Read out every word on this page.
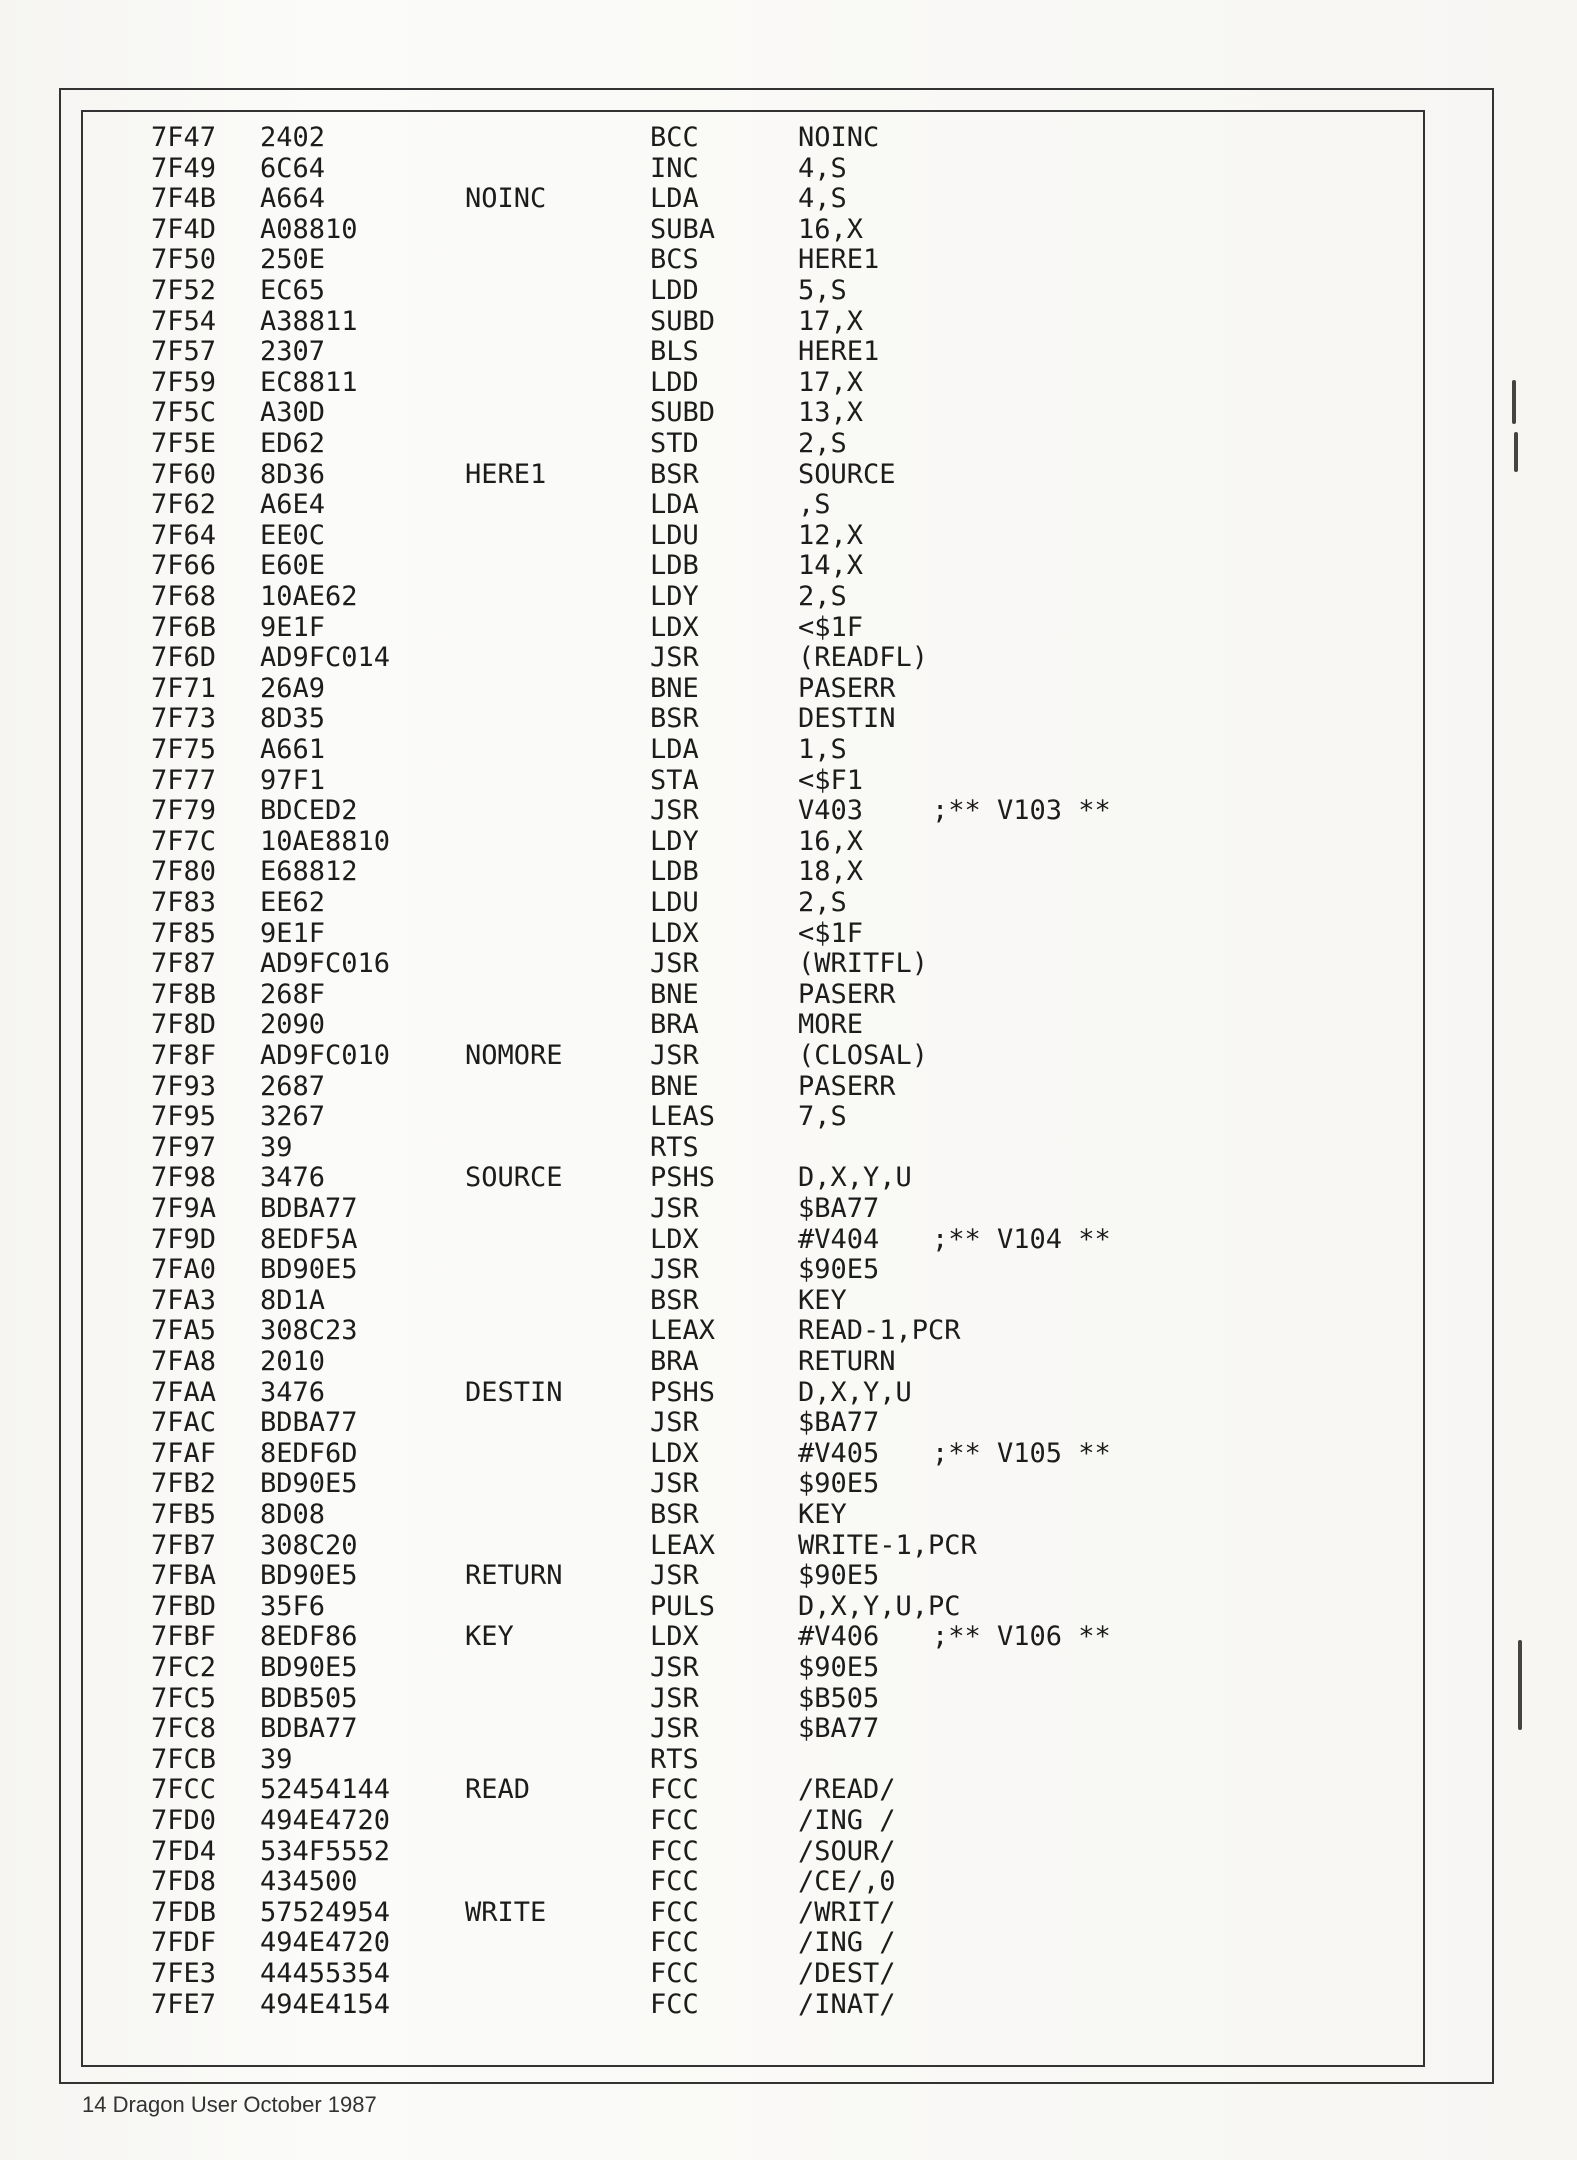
7F47 2402	BCC	NOINC
7F49 6C64	INC	4,S
7F4B A664	NOINC	LDA	4,S
7F4D A08810	SUBA	16,X
7F50 250E	BCS	HERE1
7F52 EC65	LDD	5,S
7F54 A38811	SUBD	17,X
7F57 2307	BLS	HERE1
7F59 EC8811	LDD	17,X
7F5C A30D	SUBD	13,X
7F5E ED62	STD	2,S
7F60 8D36	HERE1	BSR	SOURCE
7F62 A6E4	LDA	,S
7F64 EE0C	LDU	12,X
7F66 E60E	LDB	14,X
7F68 10AE62	LDY	2,S
7F6B 9E1F	LDX	<$1F
7F6D AD9FC014	JSR	(READFL)
7F71 26A9	BNE	PASERR
7F73 8D35	BSR	DESTIN
7F75 A661	LDA	1,S
7F77 97F1	STA	<$F1
7F79 BDCED2	JSR	V403	;** V103 **
7F7C 10AE8810	LDY	16,X
7F80 E68812	LDB	18,X
7F83 EE62	LDU	2,S
7F85 9E1F	LDX	<$1F
7F87 AD9FC016	JSR	(WRITFL)
7F8B 268F	BNE	PASERR
7F8D 2090	BRA	MORE
7F8F AD9FC010	NOMORE	JSR	(CLOSAL)
7F93 2687	BNE	PASERR
7F95 3267	LEAS	7,S
7F97 39	RTS
7F98 3476	SOURCE	PSHS	D,X,Y,U
7F9A BDBA77	JSR	$BA77
7F9D 8EDF5A	LDX	#V404 ;** V104 **
7FA0 BD90E5	JSR	$90E5
7FA3 8D1A	BSR	KEY
7FA5 308C23	LEAX	READ-1,PCR
7FA8 2010	BRA	RETURN
7FAA 3476	DESTIN	PSHS	D,X,Y,U
7FAC BDBA77	JSR	$BA77
7FAF 8EDF6D	LDX	#V405 ;** V105 **
7FB2 BD90E5	JSR	$90E5
7FB5 8D08	BSR	KEY
7FB7 308C20	LEAX	WRITE-1,PCR
7FBA BD90E5	RETURN	JSR	$90E5
7FBD 35F6	PULS	D,X,Y,U,PC
7FBF 8EDF86	KEY	LDX	#V406 ;** V106 **
7FC2 BD90E5	JSR	$90E5
7FC5 BDB505	JSR	$B505
7FC8 BDBA77	JSR	$BA77
7FCB 39	RTS
7FCC 52454144	READ	FCC	/READ/
7FD0 494E4720	FCC	/ING /
7FD4 534F5552	FCC	/SOUR/
7FD8 434500	FCC	/CE/,0
7FDB 57524954	WRITE	FCC	/WRIT/
7FDF 494E4720	FCC	/ING /
7FE3 44455354	FCC	/DEST/
7FE7 494E4154	FCC	/INAT/
14 Dragon User October 1987
